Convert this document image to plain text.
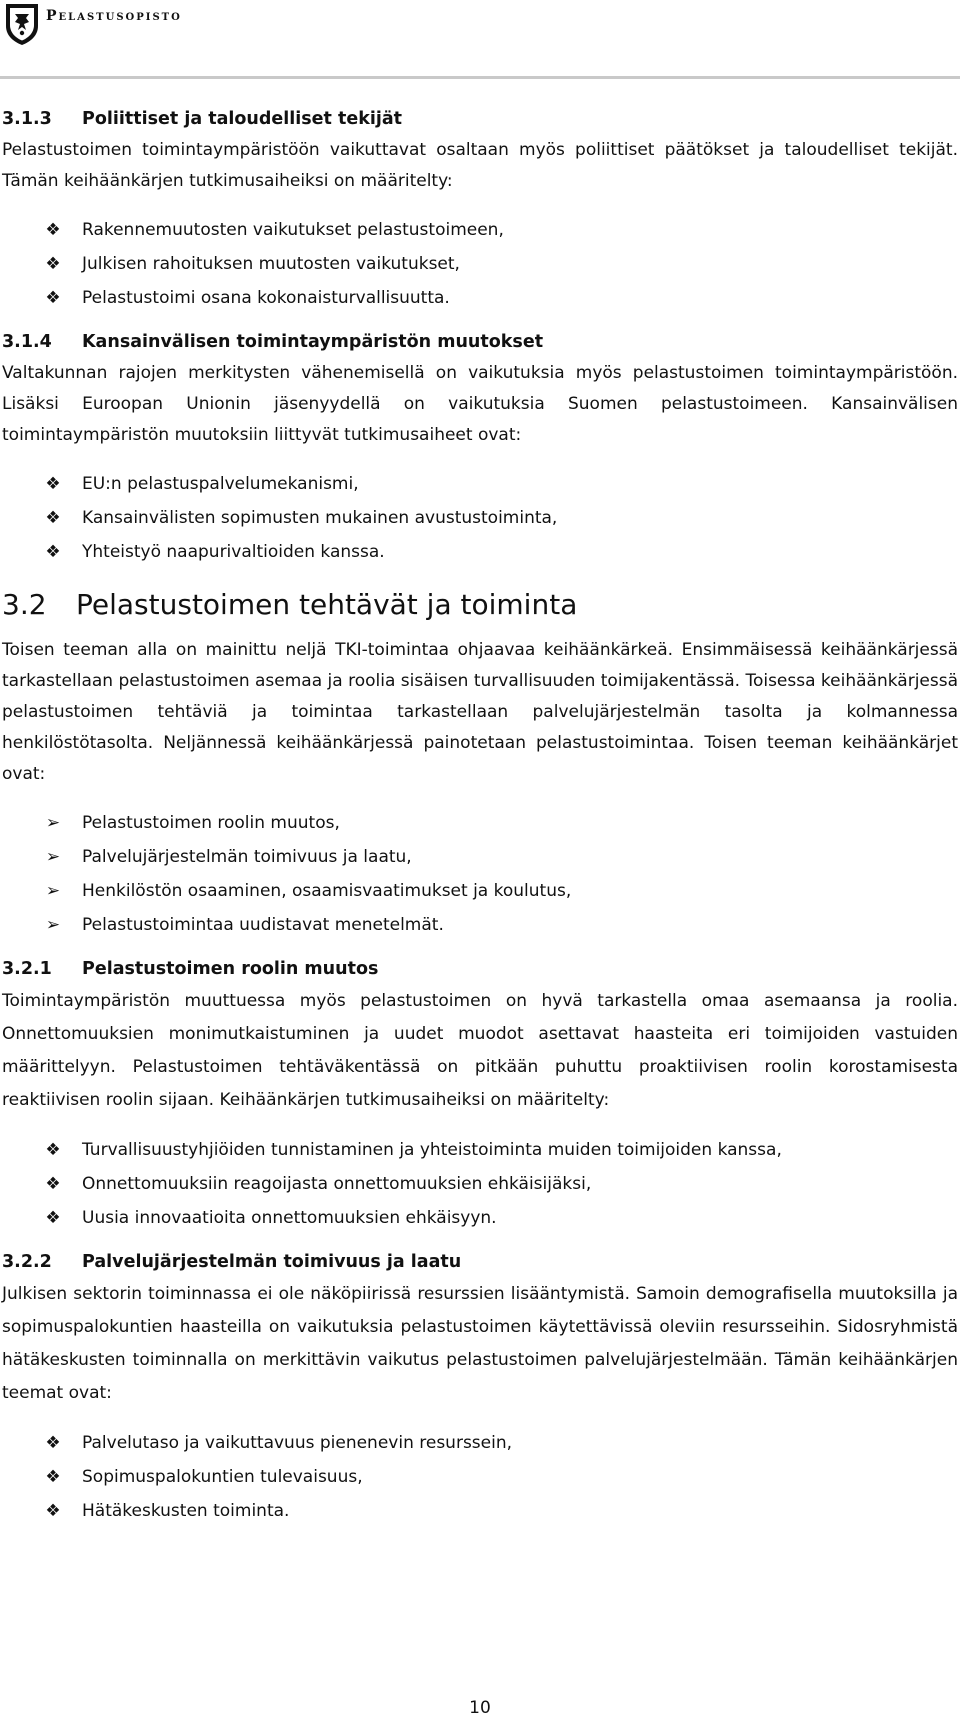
Pelastusopisto
3.1.3	Poliittiset ja taloudelliset tekijät

Pelastustoimen toimintaympäristöön vaikuttavat osaltaan myös poliittiset päätökset ja taloudelliset tekijät. Tämän keihäänkärjen tutkimusaiheiksi on määritelty:

❖ Rakennemuutosten vaikutukset pelastustoimeen,
❖ Julkisen rahoituksen muutosten vaikutukset,
❖ Pelastustoimi osana kokonaisturvallisuutta.
3.1.4	Kansainvälisen toimintaympäristön muutokset

Valtakunnan rajojen merkitysten vähenemisellä on vaikutuksia myös pelastustoimen toimintaympäristöön. Lisäksi Euroopan Unionin jäsenyydellä on vaikutuksia Suomen pelastustoimeen. Kansainvälisen toimintaympäristön muutoksiin liittyvät tutkimusaiheet ovat:

❖ EU:n pelastuspalvelumekanismi,
❖ Kansainvälisten sopimusten mukainen avustustoiminta,
❖ Yhteistyö naapurivaltioiden kanssa.
3.2	Pelastustoimen tehtävät ja toiminta

Toisen teeman alla on mainittu neljä TKI-toimintaa ohjaavaa keihäänkärkeä. Ensimmäisessä keihäänkärjessä tarkastellaan pelastustoimen asemaa ja roolia sisäisen turvallisuuden toimijakentässä. Toisessa keihäänkärjessä pelastustoimen tehtäviä ja toimintaa tarkastellaan palvelujärjestelmän tasolta ja kolmannessa henkilöstötasolta. Neljännessä keihäänkärjessä painotetaan pelastustoimintaa. Toisen teeman keihäänkärjet ovat:

➢ Pelastustoimen roolin muutos,
➢ Palvelujärjestelmän toimivuus ja laatu,
➢ Henkilöstön osaaminen, osaamisvaatimukset ja koulutus,
➢ Pelastustoimintaa uudistavat menetelmät.
3.2.1	Pelastustoimen roolin muutos

Toimintaympäristön muuttuessa myös pelastustoimen on hyvä tarkastella omaa asemaansa ja roolia. Onnettomuuksien monimutkaistuminen ja uudet muodot asettavat haasteita eri toimijoiden vastuiden määrittelyyn. Pelastustoimen tehtäväkentässä on pitkään puhuttu proaktiivisen roolin korostamisesta reaktiivisen roolin sijaan. Keihäänkärjen tutkimusaiheiksi on määritelty:

❖ Turvallisuustyhjiöiden tunnistaminen ja yhteistoiminta muiden toimijoiden kanssa,
❖ Onnettomuuksiin reagoijasta onnettomuuksien ehkäisijäksi,
❖ Uusia innovaatioita onnettomuuksien ehkäisyyn.
3.2.2	Palvelujärjestelmän toimivuus ja laatu

Julkisen sektorin toiminnassa ei ole näköpiirissä resurssien lisääntymistä. Samoin demografisella muutoksilla ja sopimuspalokuntien haasteilla on vaikutuksia pelastustoimen käytettävissä oleviin resursseihin. Sidosryhmistä hätäkeskusten toiminnalla on merkittävin vaikutus pelastustoimen palvelujärjestelmään. Tämän keihäänkärjen teemat ovat:

❖ Palvelutaso ja vaikuttavuus pienenevin resurssein,
❖ Sopimuspalokuntien tulevaisuus,
❖ Hätäkeskusten toiminta.
10
